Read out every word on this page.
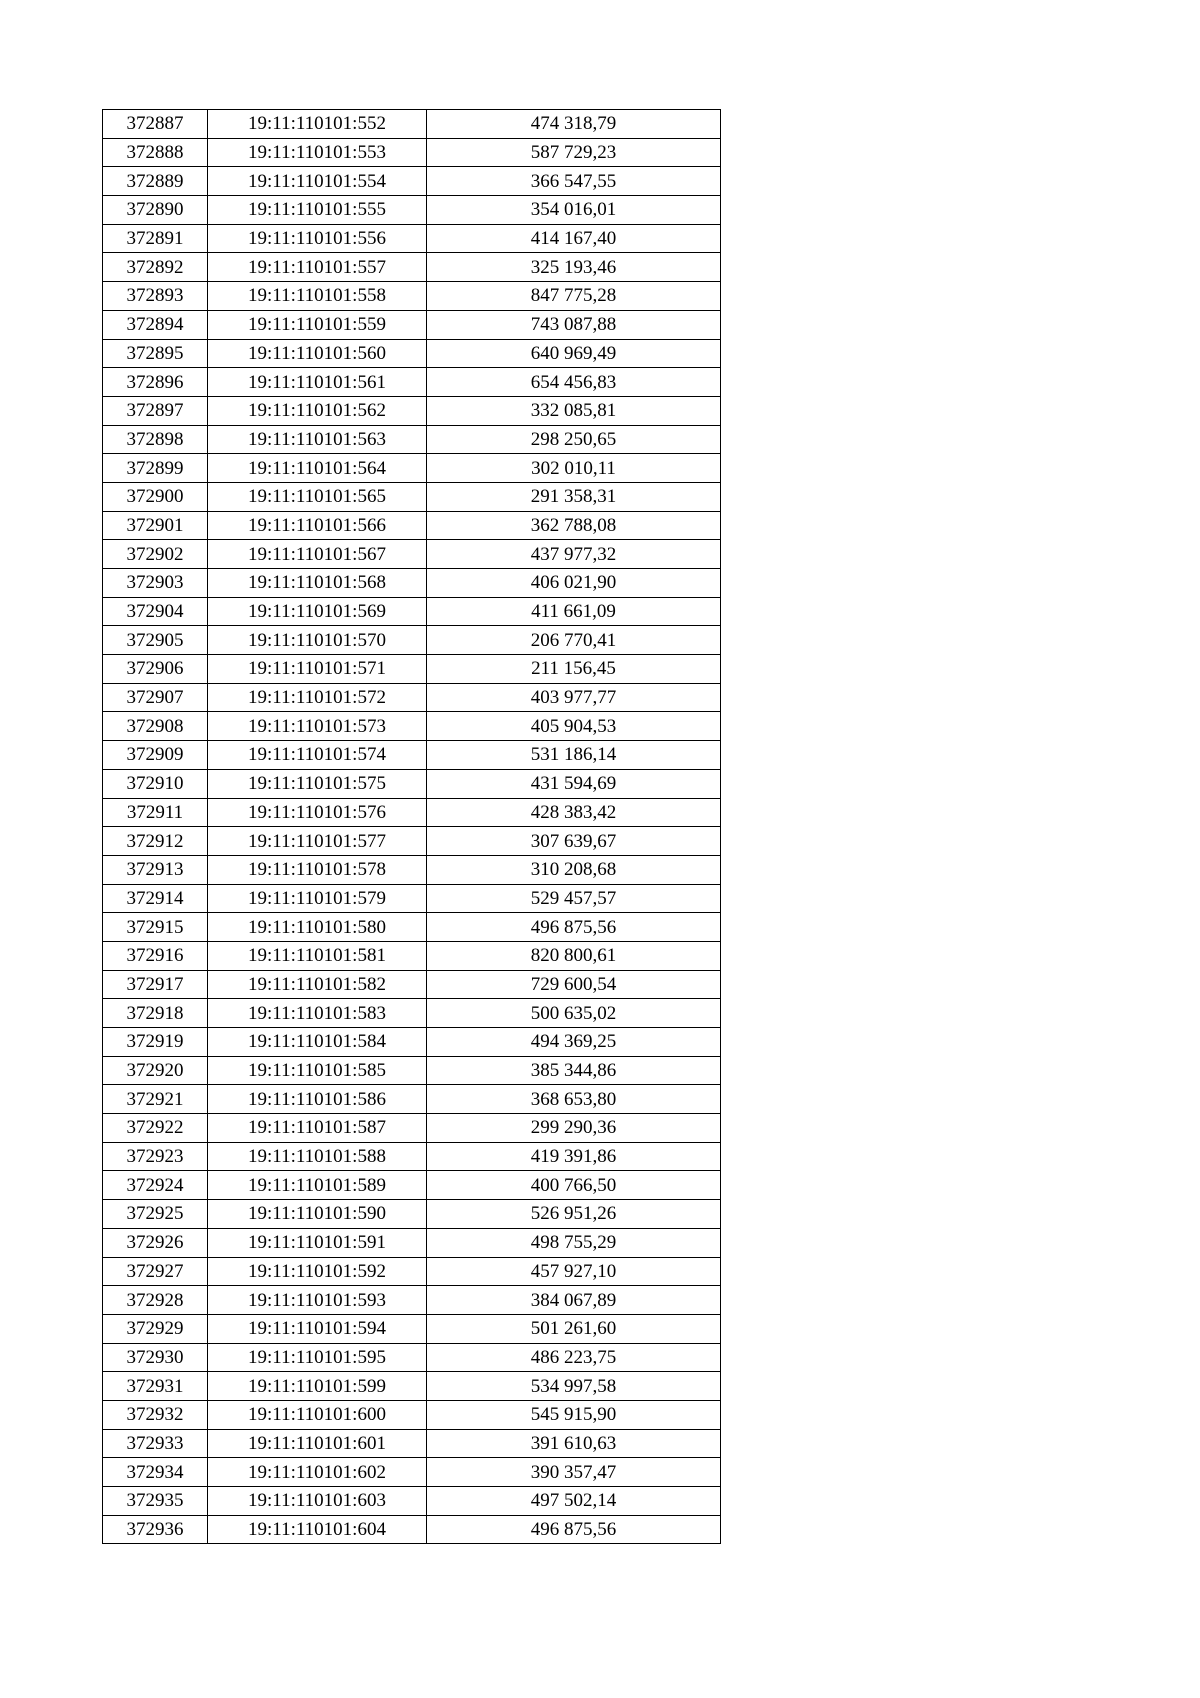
372887	19:11:110101:552	474 318,79
372888	19:11:110101:553	587 729,23
372889	19:11:110101:554	366 547,55
372890	19:11:110101:555	354 016,01
372891	19:11:110101:556	414 167,40
372892	19:11:110101:557	325 193,46
372893	19:11:110101:558	847 775,28
372894	19:11:110101:559	743 087,88
372895	19:11:110101:560	640 969,49
372896	19:11:110101:561	654 456,83
372897	19:11:110101:562	332 085,81
372898	19:11:110101:563	298 250,65
372899	19:11:110101:564	302 010,11
372900	19:11:110101:565	291 358,31
372901	19:11:110101:566	362 788,08
372902	19:11:110101:567	437 977,32
372903	19:11:110101:568	406 021,90
372904	19:11:110101:569	411 661,09
372905	19:11:110101:570	206 770,41
372906	19:11:110101:571	211 156,45
372907	19:11:110101:572	403 977,77
372908	19:11:110101:573	405 904,53
372909	19:11:110101:574	531 186,14
372910	19:11:110101:575	431 594,69
372911	19:11:110101:576	428 383,42
372912	19:11:110101:577	307 639,67
372913	19:11:110101:578	310 208,68
372914	19:11:110101:579	529 457,57
372915	19:11:110101:580	496 875,56
372916	19:11:110101:581	820 800,61
372917	19:11:110101:582	729 600,54
372918	19:11:110101:583	500 635,02
372919	19:11:110101:584	494 369,25
372920	19:11:110101:585	385 344,86
372921	19:11:110101:586	368 653,80
372922	19:11:110101:587	299 290,36
372923	19:11:110101:588	419 391,86
372924	19:11:110101:589	400 766,50
372925	19:11:110101:590	526 951,26
372926	19:11:110101:591	498 755,29
372927	19:11:110101:592	457 927,10
372928	19:11:110101:593	384 067,89
372929	19:11:110101:594	501 261,60
372930	19:11:110101:595	486 223,75
372931	19:11:110101:599	534 997,58
372932	19:11:110101:600	545 915,90
372933	19:11:110101:601	391 610,63
372934	19:11:110101:602	390 357,47
372935	19:11:110101:603	497 502,14
372936	19:11:110101:604	496 875,56
